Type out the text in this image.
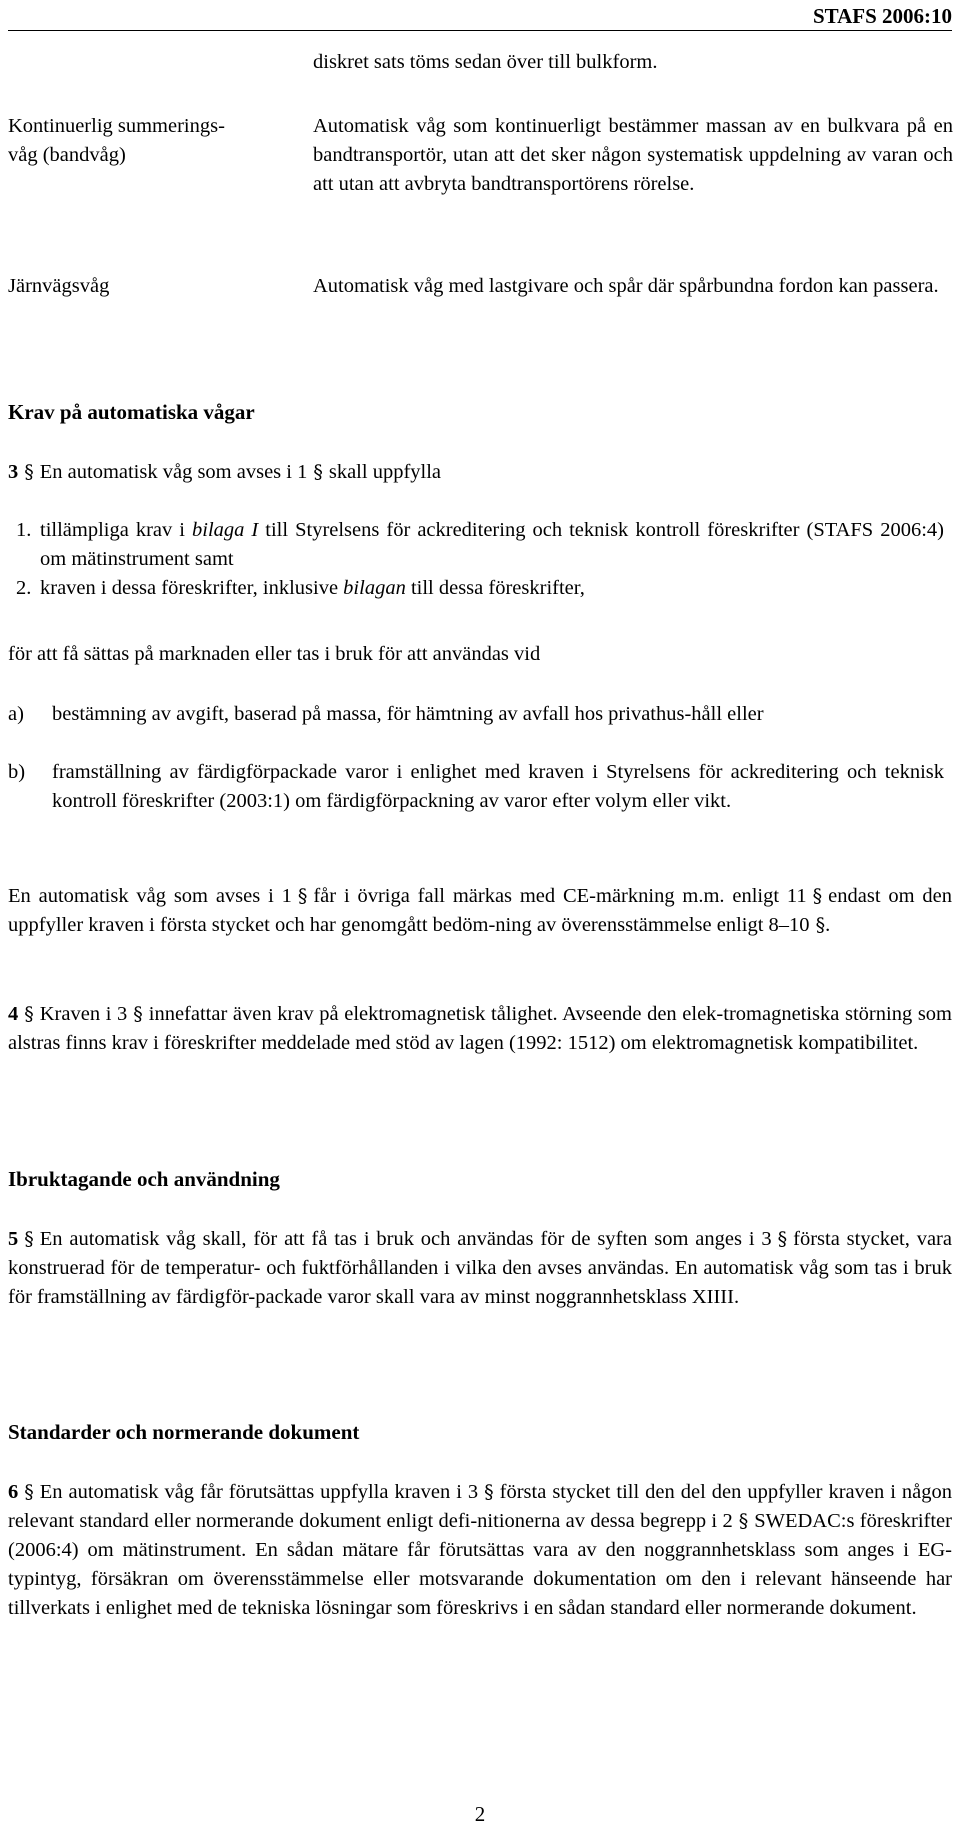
STAFS 2006:10
diskret sats töms sedan över till bulkform.
Kontinuerlig summerings-
våg (bandvåg)
Automatisk våg som kontinuerligt bestämmer massan av en bulkvara på en bandtransportör, utan att det sker någon systematisk uppdelning av varan och att utan att avbryta bandtransportörens rörelse.
Järnvägsvåg	Automatisk våg med lastgivare och spår där spårbundna fordon kan passera.
Krav på automatiska vågar
3 § En automatisk våg som avses i 1 § skall uppfylla
1. tillämpliga krav i bilaga I till Styrelsens för ackreditering och teknisk kontroll föreskrifter (STAFS 2006:4) om mätinstrument samt
2. kraven i dessa föreskrifter, inklusive bilagan till dessa föreskrifter,
för att få sättas på marknaden eller tas i bruk för att användas vid
a) bestämning av avgift, baserad på massa, för hämtning av avfall hos privathus-håll eller
b) framställning av färdigförpackade varor i enlighet med kraven i Styrelsens för ackreditering och teknisk kontroll föreskrifter (2003:1) om färdigförpackning av varor efter volym eller vikt.
En automatisk våg som avses i 1 § får i övriga fall märkas med CE-märkning m.m. enligt 11 § endast om den uppfyller kraven i första stycket och har genomgått bedöm-ning av överensstämmelse enligt 8–10 §.
4 § Kraven i 3 § innefattar även krav på elektromagnetisk tålighet. Avseende den elek-tromagnetiska störning som alstras finns krav i föreskrifter meddelade med stöd av lagen (1992: 1512) om elektromagnetisk kompatibilitet.
Ibruktagande och användning
5 § En automatisk våg skall, för att få tas i bruk och användas för de syften som anges i 3 § första stycket, vara konstruerad för de temperatur- och fuktförhållanden i vilka den avses användas. En automatisk våg som tas i bruk för framställning av färdigför-packade varor skall vara av minst noggrannhetsklass XIIII.
Standarder och normerande dokument
6 § En automatisk våg får förutsättas uppfylla kraven i 3 § första stycket till den del den uppfyller kraven i någon relevant standard eller normerande dokument enligt defi-nitionerna av dessa begrepp i 2 § SWEDAC:s föreskrifter (2006:4) om mätinstrument. En sådan mätare får förutsättas vara av den noggrannhetsklass som anges i EG-typintyg, försäkran om överensstämmelse eller motsvarande dokumentation om den i relevant hänseende har tillverkats i enlighet med de tekniska lösningar som föreskrivs i en sådan standard eller normerande dokument.
2
